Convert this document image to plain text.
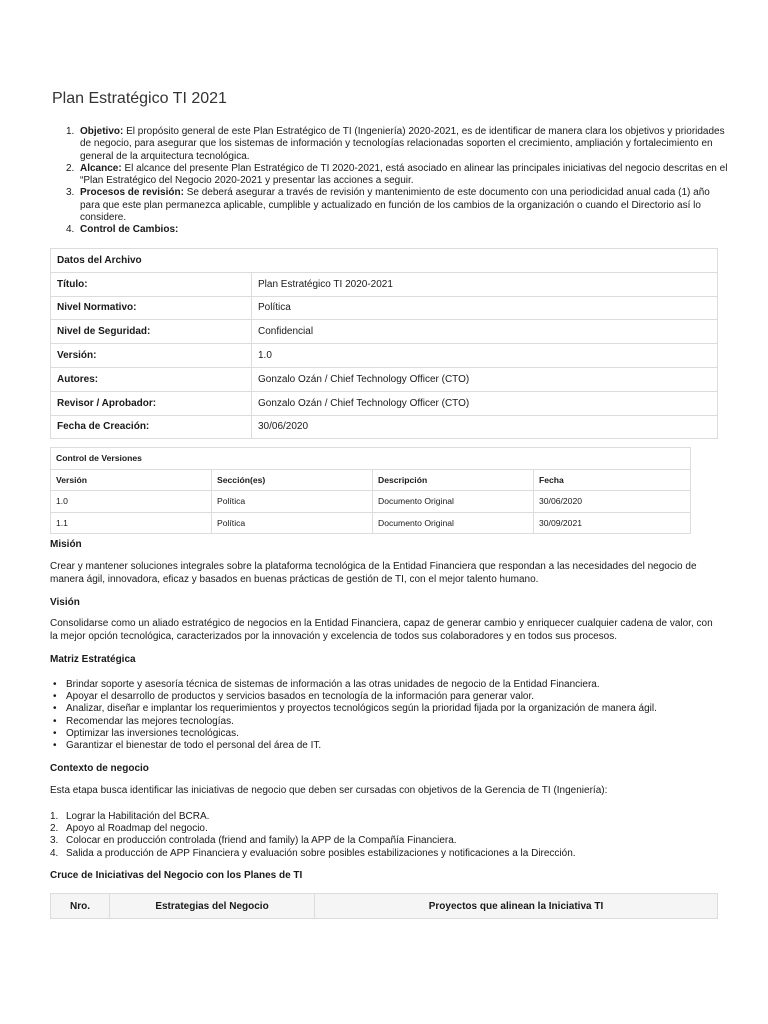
Plan Estratégico TI 2021
1. Objetivo: El propósito general de este Plan Estratégico de TI (Ingeniería) 2020-2021, es de identificar de manera clara los objetivos y prioridades de negocio, para asegurar que los sistemas de información y tecnologías relacionadas soporten el crecimiento, ampliación y fortalecimiento en general de la arquitectura tecnológica.
2. Alcance: El alcance del presente Plan Estratégico de TI 2020-2021, está asociado en alinear las principales iniciativas del negocio descritas en el “Plan Estratégico del Negocio 2020-2021 y presentar las acciones a seguir.
3. Procesos de revisión: Se deberá asegurar a través de revisión y mantenimiento de este documento con una periodicidad anual cada (1) año para que este plan permanezca aplicable, cumplible y actualizado en función de los cambios de la organización o cuando el Directorio así lo considere.
4. Control de Cambios:
Datos del Archivo	
Título:	Plan Estratégico TI 2020-2021
Nivel Normativo:	Política
Nivel de Seguridad:	Confidencial
Versión:	1.0
Autores:	Gonzalo Ozán / Chief Technology Officer (CTO)
Revisor / Aprobador:	Gonzalo Ozán / Chief Technology Officer (CTO)
Fecha de Creación:	30/06/2020
Control de Versiones			
Versión	Sección(es)	Descripción	Fecha
1.0	Política	Documento Original	30/06/2020
1.1	Política	Documento Original	30/09/2021
Misión
Crear y mantener soluciones integrales sobre la plataforma tecnológica de la Entidad Financiera que respondan a las necesidades del negocio de manera ágil, innovadora, eficaz y basados en buenas prácticas de gestión de TI, con el mejor talento humano.
Visión
Consolidarse como un aliado estratégico de negocios en la Entidad Financiera, capaz de generar cambio y enriquecer cualquier cadena de valor, con la mejor opción tecnológica, caracterizados por la innovación y excelencia de todos sus colaboradores y en todos sus procesos.
Matriz Estratégica
• Brindar soporte y asesoría técnica de sistemas de información a las otras unidades de negocio de la Entidad Financiera.
• Apoyar el desarrollo de productos y servicios basados en tecnología de la información para generar valor.
• Analizar, diseñar e implantar los requerimientos y proyectos tecnológicos según la prioridad fijada por la organización de manera ágil.
• Recomendar las mejores tecnologías.
• Optimizar las inversiones tecnológicas.
• Garantizar el bienestar de todo el personal del área de IT.
Contexto de negocio
Esta etapa busca identificar las iniciativas de negocio que deben ser cursadas con objetivos de la Gerencia de TI (Ingeniería):
1. Lograr la Habilitación del BCRA.
2. Apoyo al Roadmap del negocio.
3. Colocar en producción controlada (friend and family) la APP de la Compañía Financiera.
4. Salida a producción de APP Financiera y evaluación sobre posibles estabilizaciones y notificaciones a la Dirección.
Cruce de Iniciativas del Negocio con los Planes de TI
Nro.	Estrategias del Negocio	Proyectos que alinean la Iniciativa TI
